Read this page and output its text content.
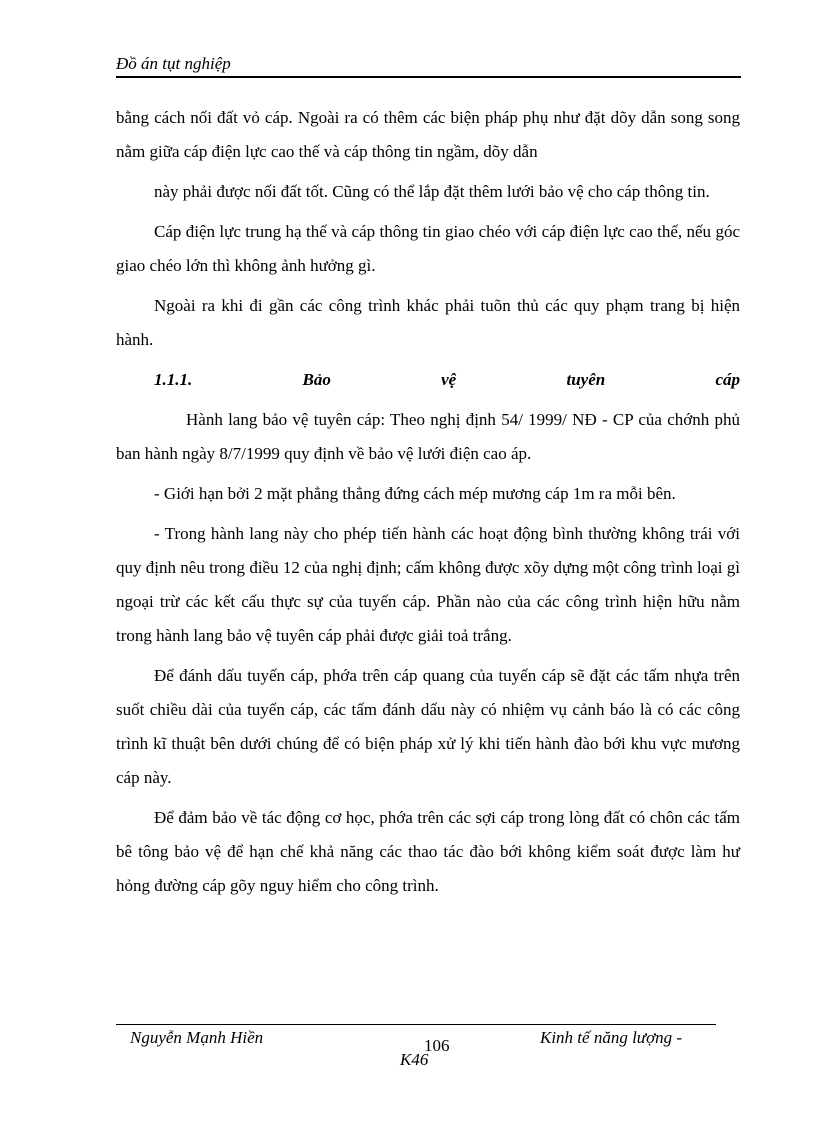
Đồ án tụt nghiệp

bằng cách nối đất vỏ cáp. Ngoài ra có thêm các biện pháp phụ như đặt dõy dẫn song song nằm giữa cáp điện lực cao thế và cáp thông tin ngầm, dõy dẫn

này phải được nối đất tốt. Cũng có thể lắp đặt thêm lưới bảo vệ cho cáp thông tin.

Cáp điện lực trung hạ thế và cáp thông tin giao chéo với cáp điện lực cao thế, nếu góc giao chéo lớn thì không ảnh hưởng gì.

Ngoài ra khi đi gần các công trình khác phải tuõn thủ các quy phạm trang bị hiện hành.

1.1.1. Bảo vệ tuyên cáp

Hành lang bảo vệ tuyên cáp: Theo nghị định 54/ 1999/ NĐ - CP của chớnh phủ ban hành ngày 8/7/1999 quy định về bảo vệ lưới điện cao áp.

- Giới hạn bởi 2 mặt phẳng thẳng đứng cách mép mương cáp 1m ra mỗi bên.

- Trong hành lang này cho phép tiến hành các hoạt động bình thường không trái với quy định nêu trong điều 12 của nghị định; cấm không được xõy dựng một công trình loại gì ngoại trừ các kết cấu thực sự của tuyến cáp. Phần nào của các công trình hiện hữu nằm trong hành lang bảo vệ tuyên cáp phải được giải toả trắng.

Để đánh dấu tuyến cáp, phớa trên cáp quang của tuyến cáp sẽ đặt các tấm nhựa trên suốt chiều dài của tuyến cáp, các tấm đánh dấu này có nhiệm vụ cảnh báo là có các công trình kĩ thuật bên dưới chúng để có biện pháp xử lý khi tiến hành đào bới khu vực mương cáp này.

Để đảm bảo về tác động cơ học, phớa trên các sợi cáp trong lòng đất có chôn các tấm bê tông bảo vệ để hạn chế khả năng các thao tác đào bới không kiểm soát được làm hư hỏng đường cáp gõy nguy hiểm cho công trình.

Nguyễn Mạnh Hiền	106	Kinh tế năng lượng -
K46
